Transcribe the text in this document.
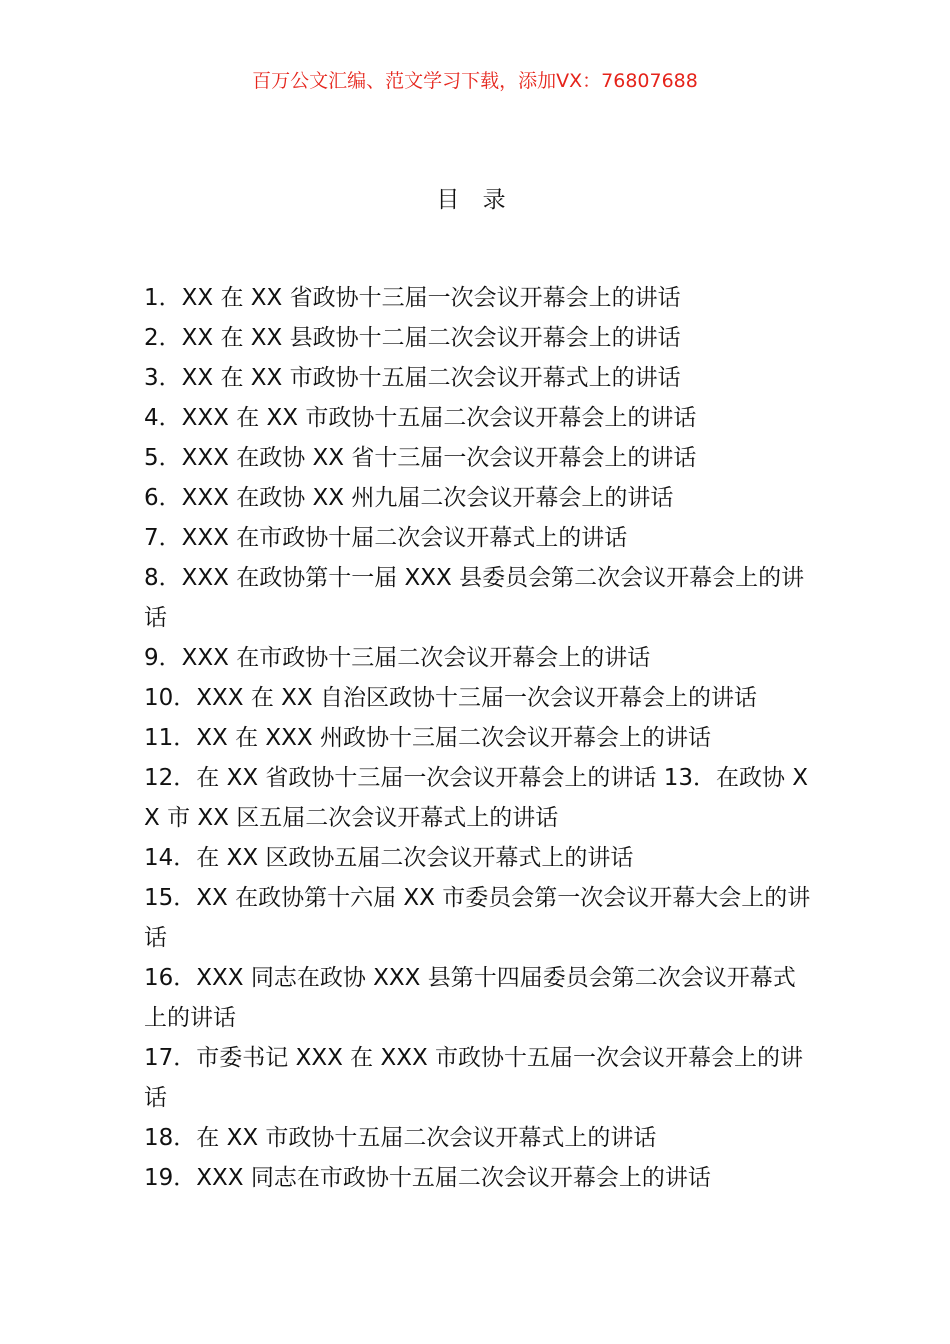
百万公文汇编、范文学习下载，添加VX：76807688
目 录
1．XX 在 XX 省政协十三届一次会议开幕会上的讲话
2．XX 在 XX 县政协十二届二次会议开幕会上的讲话
3．XX 在 XX 市政协十五届二次会议开幕式上的讲话
4．XXX 在 XX 市政协十五届二次会议开幕会上的讲话
5．XXX 在政协 XX 省十三届一次会议开幕会上的讲话
6．XXX 在政协 XX 州九届二次会议开幕会上的讲话
7．XXX 在市政协十届二次会议开幕式上的讲话
8．XXX 在政协第十一届 XXX 县委员会第二次会议开幕会上的讲话
9．XXX 在市政协十三届二次会议开幕会上的讲话
10．XXX 在 XX 自治区政协十三届一次会议开幕会上的讲话
11．XX 在 XXX 州政协十三届二次会议开幕会上的讲话
12．在 XX 省政协十三届一次会议开幕会上的讲话 13．在政协 XX 市 XX 区五届二次会议开幕式上的讲话
14．在 XX 区政协五届二次会议开幕式上的讲话
15．XX 在政协第十六届 XX 市委员会第一次会议开幕大会上的讲话
16．XXX 同志在政协 XXX 县第十四届委员会第二次会议开幕式上的讲话
17．市委书记 XXX 在 XXX 市政协十五届一次会议开幕会上的讲话
18．在 XX 市政协十五届二次会议开幕式上的讲话
19．XXX 同志在市政协十五届二次会议开幕会上的讲话
